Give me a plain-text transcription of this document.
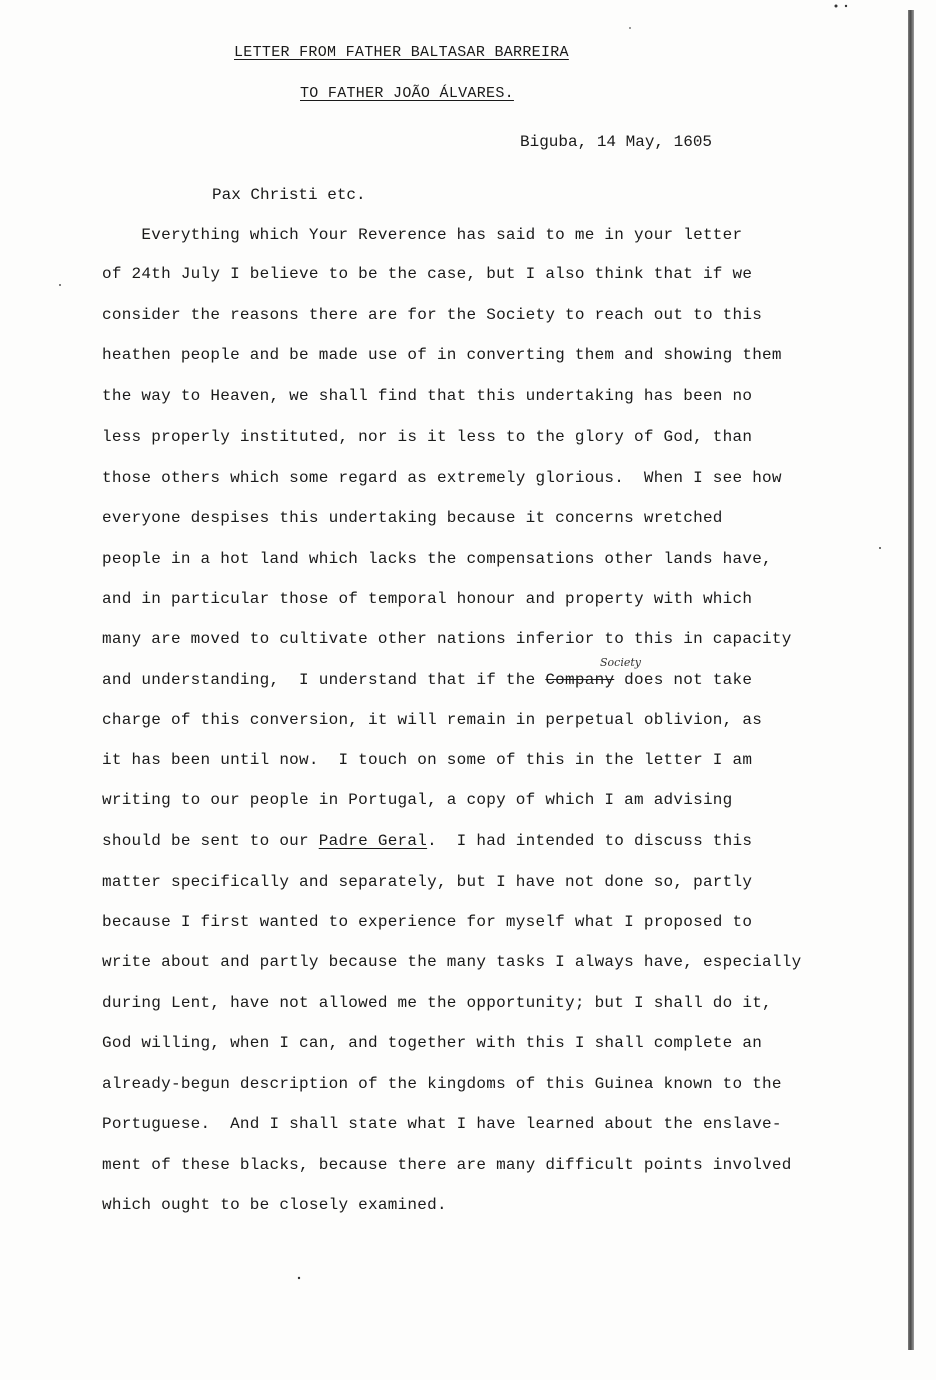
LETTER FROM FATHER BALTASAR BARREIRA
TO FATHER JOÃO ÁLVARES.
Biguba, 14 May, 1605
Pax Christi etc.
Everything which Your Reverence has said to me in your letter
of 24th July I believe to be the case, but I also think that if we
consider the reasons there are for the Society to reach out to this
heathen people and be made use of in converting them and showing them
the way to Heaven, we shall find that this undertaking has been no
less properly instituted, nor is it less to the glory of God, than
those others which some regard as extremely glorious.  When I see how
everyone despises this undertaking because it concerns wretched
people in a hot land which lacks the compensations other lands have,
and in particular those of temporal honour and property with which
many are moved to cultivate other nations inferior to this in capacity
Society
and understanding,  I understand that if the Company does not take
charge of this conversion, it will remain in perpetual oblivion, as
it has been until now.  I touch on some of this in the letter I am
writing to our people in Portugal, a copy of which I am advising
should be sent to our Padre Geral.  I had intended to discuss this
matter specifically and separately, but I have not done so, partly
because I first wanted to experience for myself what I proposed to
write about and partly because the many tasks I always have, especially
during Lent, have not allowed me the opportunity; but I shall do it,
God willing, when I can, and together with this I shall complete an
already-begun description of the kingdoms of this Guinea known to the
Portuguese.  And I shall state what I have learned about the enslave-
ment of these blacks, because there are many difficult points involved
which ought to be closely examined.
